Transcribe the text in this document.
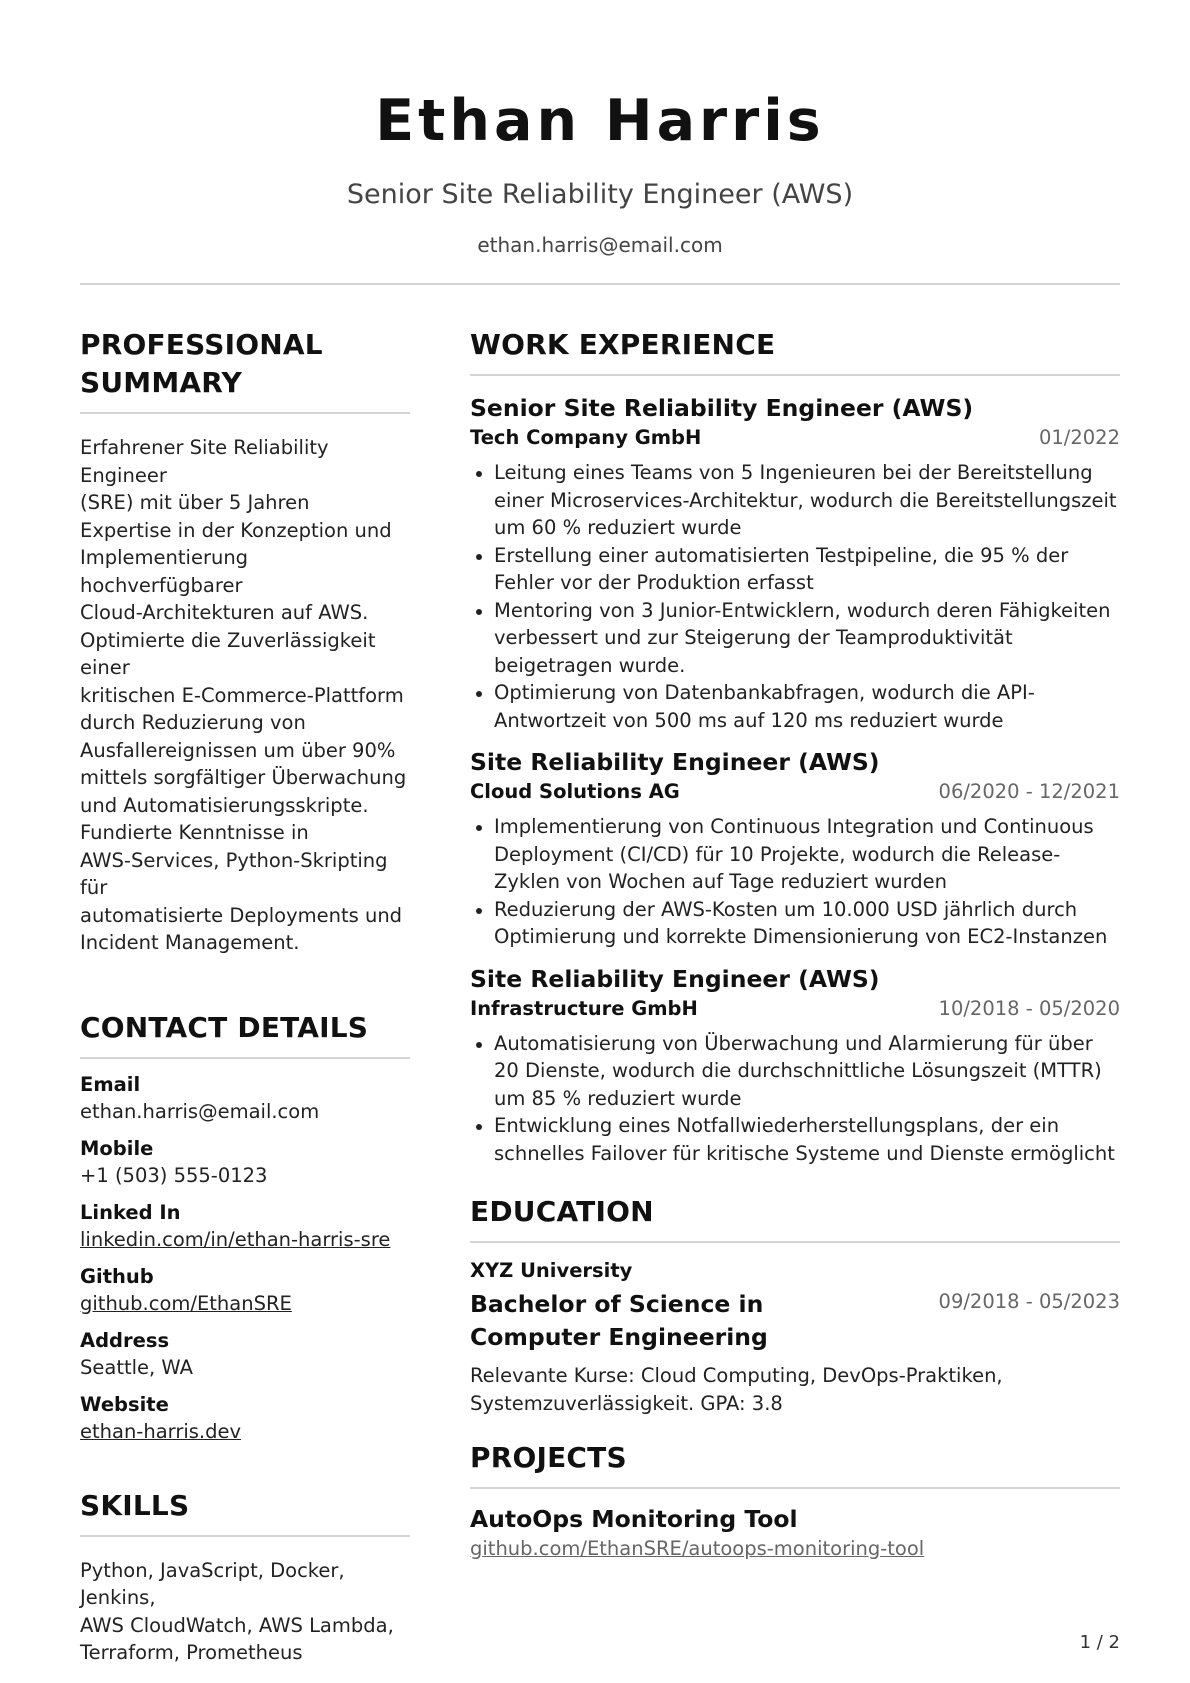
Ethan Harris
Senior Site Reliability Engineer (AWS)
ethan.harris@email.com
PROFESSIONAL SUMMARY
Erfahrener Site Reliability Engineer
(SRE) mit über 5 Jahren
Expertise in der Konzeption und
Implementierung hochverfügbarer
Cloud-Architekturen auf AWS.
Optimierte die Zuverlässigkeit einer
kritischen E-Commerce-Plattform
durch Reduzierung von
Ausfallereignissen um über 90%
mittels sorgfältiger Überwachung
und Automatisierungsskripte.
Fundierte Kenntnisse in
AWS-Services, Python-Skripting für
automatisierte Deployments und
Incident Management.
CONTACT DETAILS
Email
ethan.harris@email.com
Mobile
+1 (503) 555-0123
Linked In
linkedin.com/in/ethan-harris-sre
Github
github.com/EthanSRE
Address
Seattle, WA
Website
ethan-harris.dev
SKILLS
Python, JavaScript, Docker, Jenkins,
AWS CloudWatch, AWS Lambda,
Terraform, Prometheus
WORK EXPERIENCE
Senior Site Reliability Engineer (AWS)
Tech Company GmbH	01/2022
Leitung eines Teams von 5 Ingenieuren bei der Bereitstellung einer Microservices-Architektur, wodurch die Bereitstellungszeit um 60 % reduziert wurde
Erstellung einer automatisierten Testpipeline, die 95 % der Fehler vor der Produktion erfasst
Mentoring von 3 Junior-Entwicklern, wodurch deren Fähigkeiten verbessert und zur Steigerung der Teamproduktivität beigetragen wurde.
Optimierung von Datenbankabfragen, wodurch die API-Antwortzeit von 500 ms auf 120 ms reduziert wurde
Site Reliability Engineer (AWS)
Cloud Solutions AG	06/2020 - 12/2021
Implementierung von Continuous Integration und Continuous Deployment (CI/CD) für 10 Projekte, wodurch die Release-Zyklen von Wochen auf Tage reduziert wurden
Reduzierung der AWS-Kosten um 10.000 USD jährlich durch Optimierung und korrekte Dimensionierung von EC2-Instanzen
Site Reliability Engineer (AWS)
Infrastructure GmbH	10/2018 - 05/2020
Automatisierung von Überwachung und Alarmierung für über 20 Dienste, wodurch die durchschnittliche Lösungszeit (MTTR) um 85 % reduziert wurde
Entwicklung eines Notfallwiederherstellungsplans, der ein schnelles Failover für kritische Systeme und Dienste ermöglicht
EDUCATION
XYZ University
Bachelor of Science in Computer Engineering
09/2018 - 05/2023
Relevante Kurse: Cloud Computing, DevOps-Praktiken, Systemzuverlässigkeit. GPA: 3.8
PROJECTS
AutoOps Monitoring Tool
github.com/EthanSRE/autoops-monitoring-tool
1 / 2
